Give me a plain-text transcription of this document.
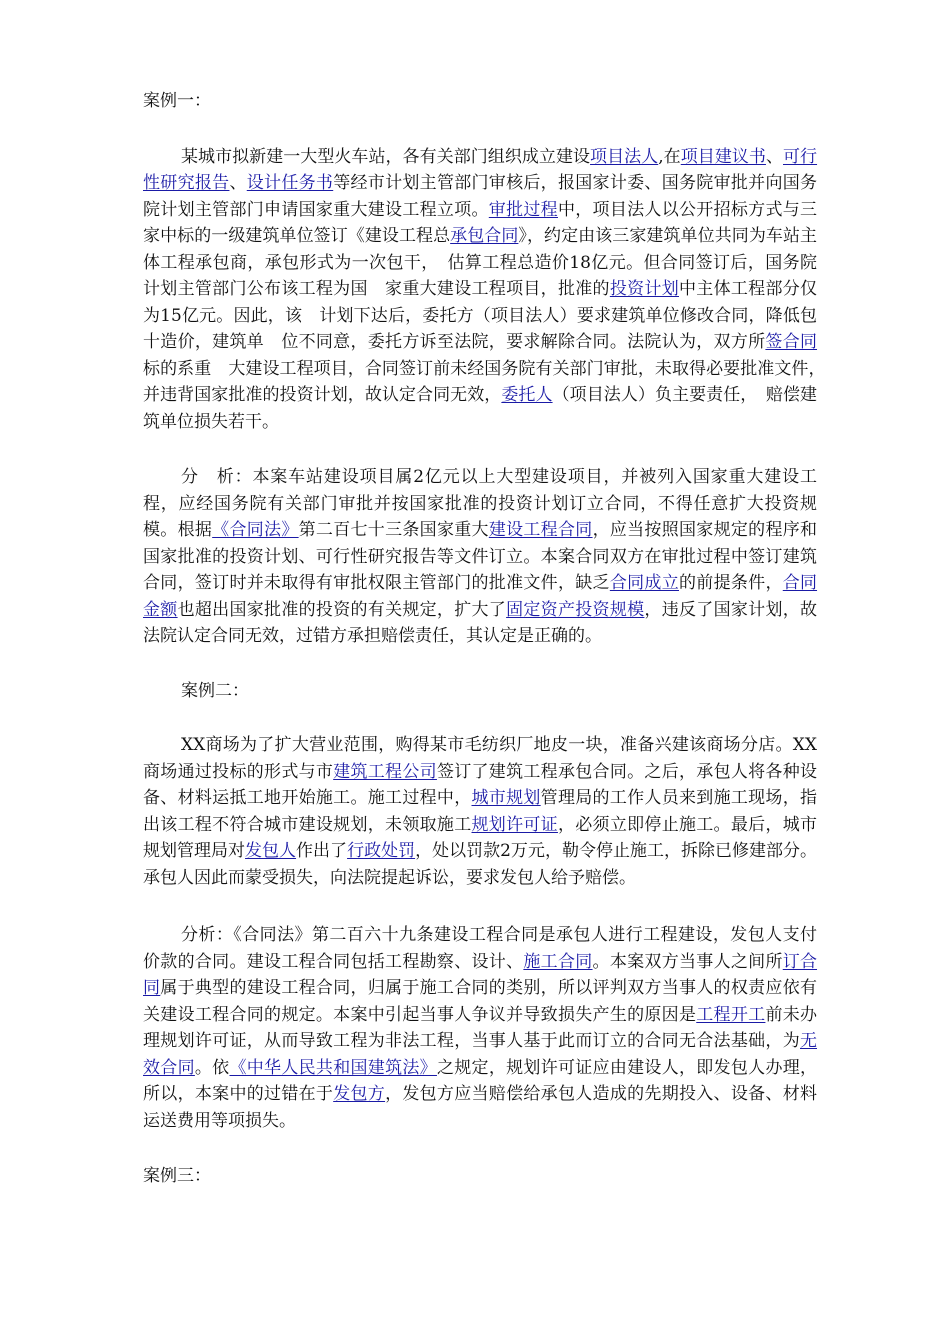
案例一：

某城市拟新建一大型火车站，各有关部门组织成立建设项目法人,在项目建议书、可行性研究报告、设计任务书等经市计划主管部门审核后，报国家计委、国务院审批并向国务院计划主管部门申请国家重大建设工程立项。审批过程中，项目法人以公开招标方式与三家中标的一级建筑单位签订《建设工程总承包合同》，约定由该三家建筑单位共同为车站主体工程承包商，承包形式为一次包干，　估算工程总造价18亿元。但合同签订后，国务院计划主管部门公布该工程为国　家重大建设工程项目，批准的投资计划中主体工程部分仅为15亿元。因此，该　计划下达后，委托方（项目法人）要求建筑单位修改合同，降低包十造价，建筑单　位不同意，委托方诉至法院，要求解除合同。法院认为，双方所签合同标的系重　大建设工程项目，合同签订前未经国务院有关部门审批，未取得必要批准文件，　并违背国家批准的投资计划，故认定合同无效，委托人（项目法人）负主要责任，　赔偿建筑单位损失若干。

分　析：本案车站建设项目属2亿元以上大型建设项目，并被列入国家重大建设工程，应经国务院有关部门审批并按国家批准的投资计划订立合同，不得任意扩大投资规模。根据《合同法》第二百七十三条国家重大建设工程合同，应当按照国家规定的程序和国家批准的投资计划、可行性研究报告等文件订立。本案合同双方在审批过程中签订建筑合同，签订时并未取得有审批权限主管部门的批准文件，缺乏合同成立的前提条件，合同金额也超出国家批准的投资的有关规定，扩大了固定资产投资规模，违反了国家计划，故法院认定合同无效，过错方承担赔偿责任，其认定是正确的。

案例二：

XX商场为了扩大营业范围，购得某市毛纺织厂地皮一块，准备兴建该商场分店。XX商场通过投标的形式与市建筑工程公司签订了建筑工程承包合同。之后，承包人将各种设备、材料运抵工地开始施工。施工过程中，城市规划管理局的工作人员来到施工现场，指出该工程不符合城市建设规划，未领取施工规划许可证，必须立即停止施工。最后，城市规划管理局对发包人作出了行政处罚，处以罚款2万元，勒令停止施工，拆除已修建部分。承包人因此而蒙受损失，向法院提起诉讼，要求发包人给予赔偿。

分析：《合同法》第二百六十九条建设工程合同是承包人进行工程建设，发包人支付价款的合同。建设工程合同包括工程勘察、设计、施工合同。本案双方当事人之间所订合同属于典型的建设工程合同，归属于施工合同的类别，所以评判双方当事人的权责应依有关建设工程合同的规定。本案中引起当事人争议并导致损失产生的原因是工程开工前未办理规划许可证，从而导致工程为非法工程，当事人基于此而订立的合同无合法基础，为无效合同。依《中华人民共和国建筑法》之规定，规划许可证应由建设人，即发包人办理，所以，本案中的过错在于发包方，发包方应当赔偿给承包人造成的先期投入、设备、材料运送费用等项损失。

案例三：
